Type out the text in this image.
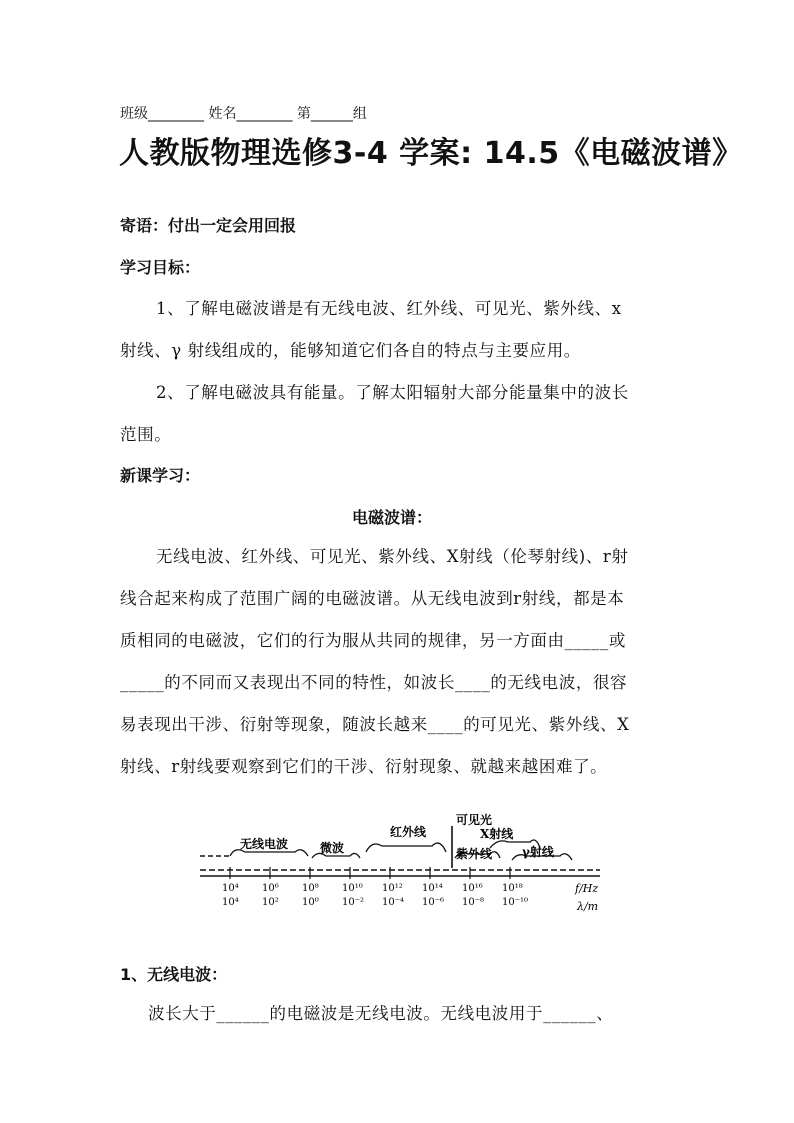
班级________ 姓名________ 第______组
人教版物理选修3-4 学案: 14.5《电磁波谱》
寄语：付出一定会用回报
学习目标：
1、了解电磁波谱是有无线电波、红外线、可见光、紫外线、x
射线、γ 射线组成的，能够知道它们各自的特点与主要应用。
2、了解电磁波具有能量。了解太阳辐射大部分能量集中的波长
范围。
新课学习：
电磁波谱：
无线电波、红外线、可见光、紫外线、X射线（伦琴射线)、r射
线合起来构成了范围广阔的电磁波谱。从无线电波到r射线，都是本
质相同的电磁波，它们的行为服从共同的规律，另一方面由_____或
_____的不同而又表现出不同的特性，如波长____的无线电波，很容
易表现出干涉、衍射等现象，随波长越来____的可见光、紫外线、X
射线、r射线要观察到它们的干涉、衍射现象、就越来越困难了。
无线电波	微波
红外线
可见光
X射线
紫外线 γ射线
10⁴
10⁴
10⁶
10²
10⁸
10⁰
10¹⁰
10⁻²
10¹²
10⁻⁴
10¹⁴
10⁻⁶
10¹⁶
10⁻⁸
10¹⁸
10⁻¹⁰
f/Hz
λ/m
1、无线电波：
波长大于______的电磁波是无线电波。无线电波用于______、
